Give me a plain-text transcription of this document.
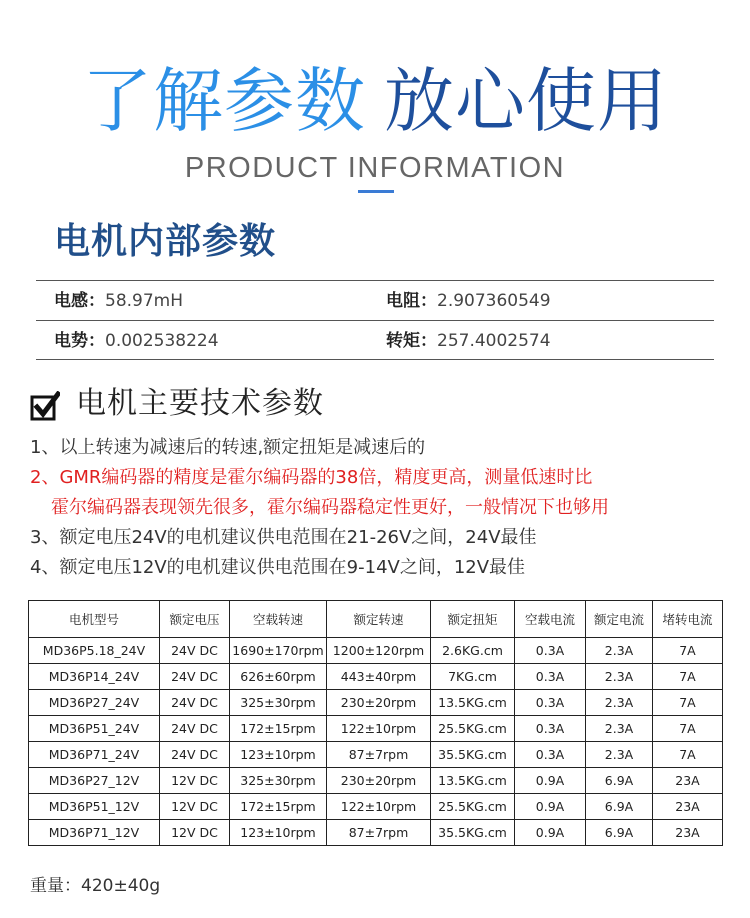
了解参数 放心使用
PRODUCT INFORMATION
电机内部参数
电感：58.97mH	电阻：2.907360549
电势：0.002538224	转矩：257.4002574
电机主要技术参数
1、以上转速为减速后的转速,额定扭矩是减速后的
2、GMR编码器的精度是霍尔编码器的38倍，精度更高，测量低速时比
霍尔编码器表现领先很多，霍尔编码器稳定性更好，一般情况下也够用
3、额定电压24V的电机建议供电范围在21-26V之间，24V最佳
4、额定电压12V的电机建议供电范围在9-14V之间，12V最佳
电机型号	额定电压	空载转速	额定转速	额定扭矩	空载电流	额定电流	堵转电流
MD36P5.18_24V	24V DC	1690±170rpm	1200±120rpm	2.6KG.cm	0.3A	2.3A	7A
MD36P14_24V	24V DC	626±60rpm	443±40rpm	7KG.cm	0.3A	2.3A	7A
MD36P27_24V	24V DC	325±30rpm	230±20rpm	13.5KG.cm	0.3A	2.3A	7A
MD36P51_24V	24V DC	172±15rpm	122±10rpm	25.5KG.cm	0.3A	2.3A	7A
MD36P71_24V	24V DC	123±10rpm	87±7rpm	35.5KG.cm	0.3A	2.3A	7A
MD36P27_12V	12V DC	325±30rpm	230±20rpm	13.5KG.cm	0.9A	6.9A	23A
MD36P51_12V	12V DC	172±15rpm	122±10rpm	25.5KG.cm	0.9A	6.9A	23A
MD36P71_12V	12V DC	123±10rpm	87±7rpm	35.5KG.cm	0.9A	6.9A	23A
重量：420±40g
